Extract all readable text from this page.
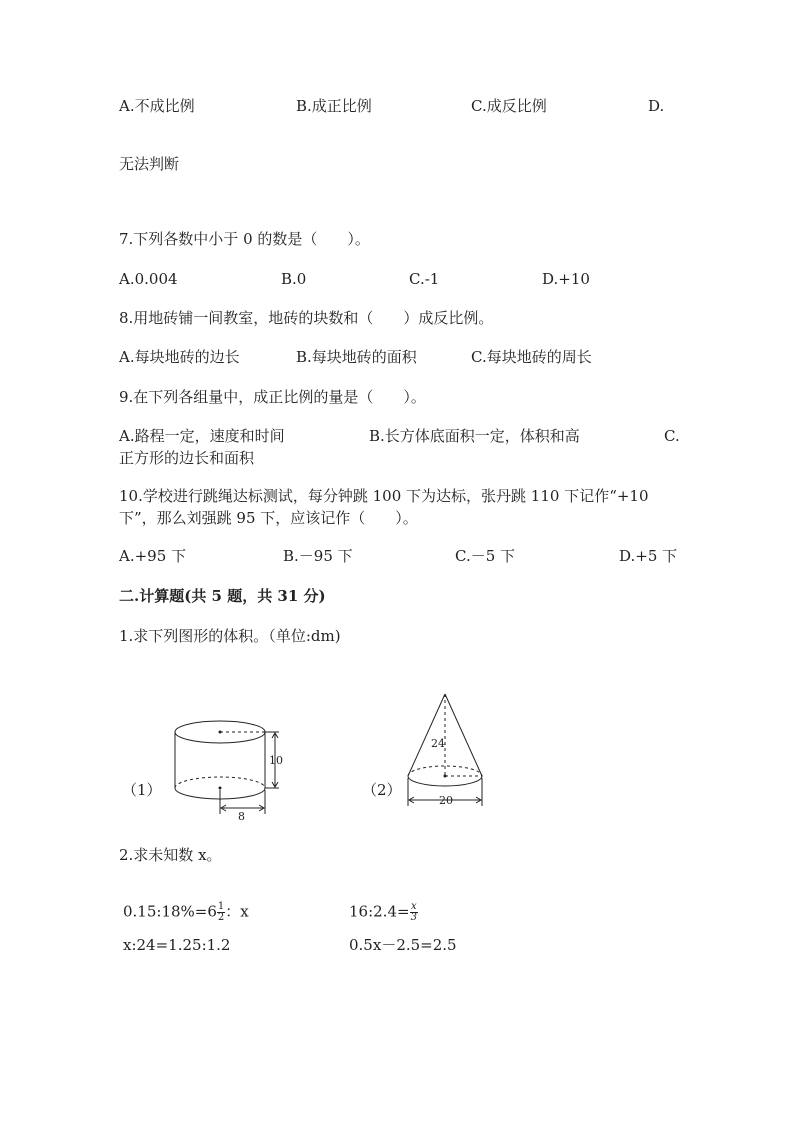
A.不成比例	B.成正比例	C.成反比例	D.
无法判断
7.下列各数中小于 0 的数是（　　）。
A.0.004	B.0	C.-1	D.+10
8.用地砖铺一间教室，地砖的块数和（　　）成反比例。
A.每块地砖的边长	B.每块地砖的面积	C.每块地砖的周长
9.在下列各组量中，成正比例的量是（　　）。
A.路程一定，速度和时间	B.长方体底面积一定，体积和高	C.
正方形的边长和面积
10.学校进行跳绳达标测试，每分钟跳 100 下为达标，张丹跳 110 下记作“+10
下”，那么刘强跳 95 下，应该记作（　　）。
A.+95 下	B.－95 下	C.－5 下	D.+5 下
二.计算题(共 5 题，共 31 分)
1.求下列图形的体积。（单位:dm)
（1）
10
8
（2）
24
20
2.求未知数 x。
0.15:18%=6 $\frac{1}{2}$ ：x	16:2.4= $\frac{x}{3}$
x:24=1.25:1.2	0.5x－2.5=2.5
